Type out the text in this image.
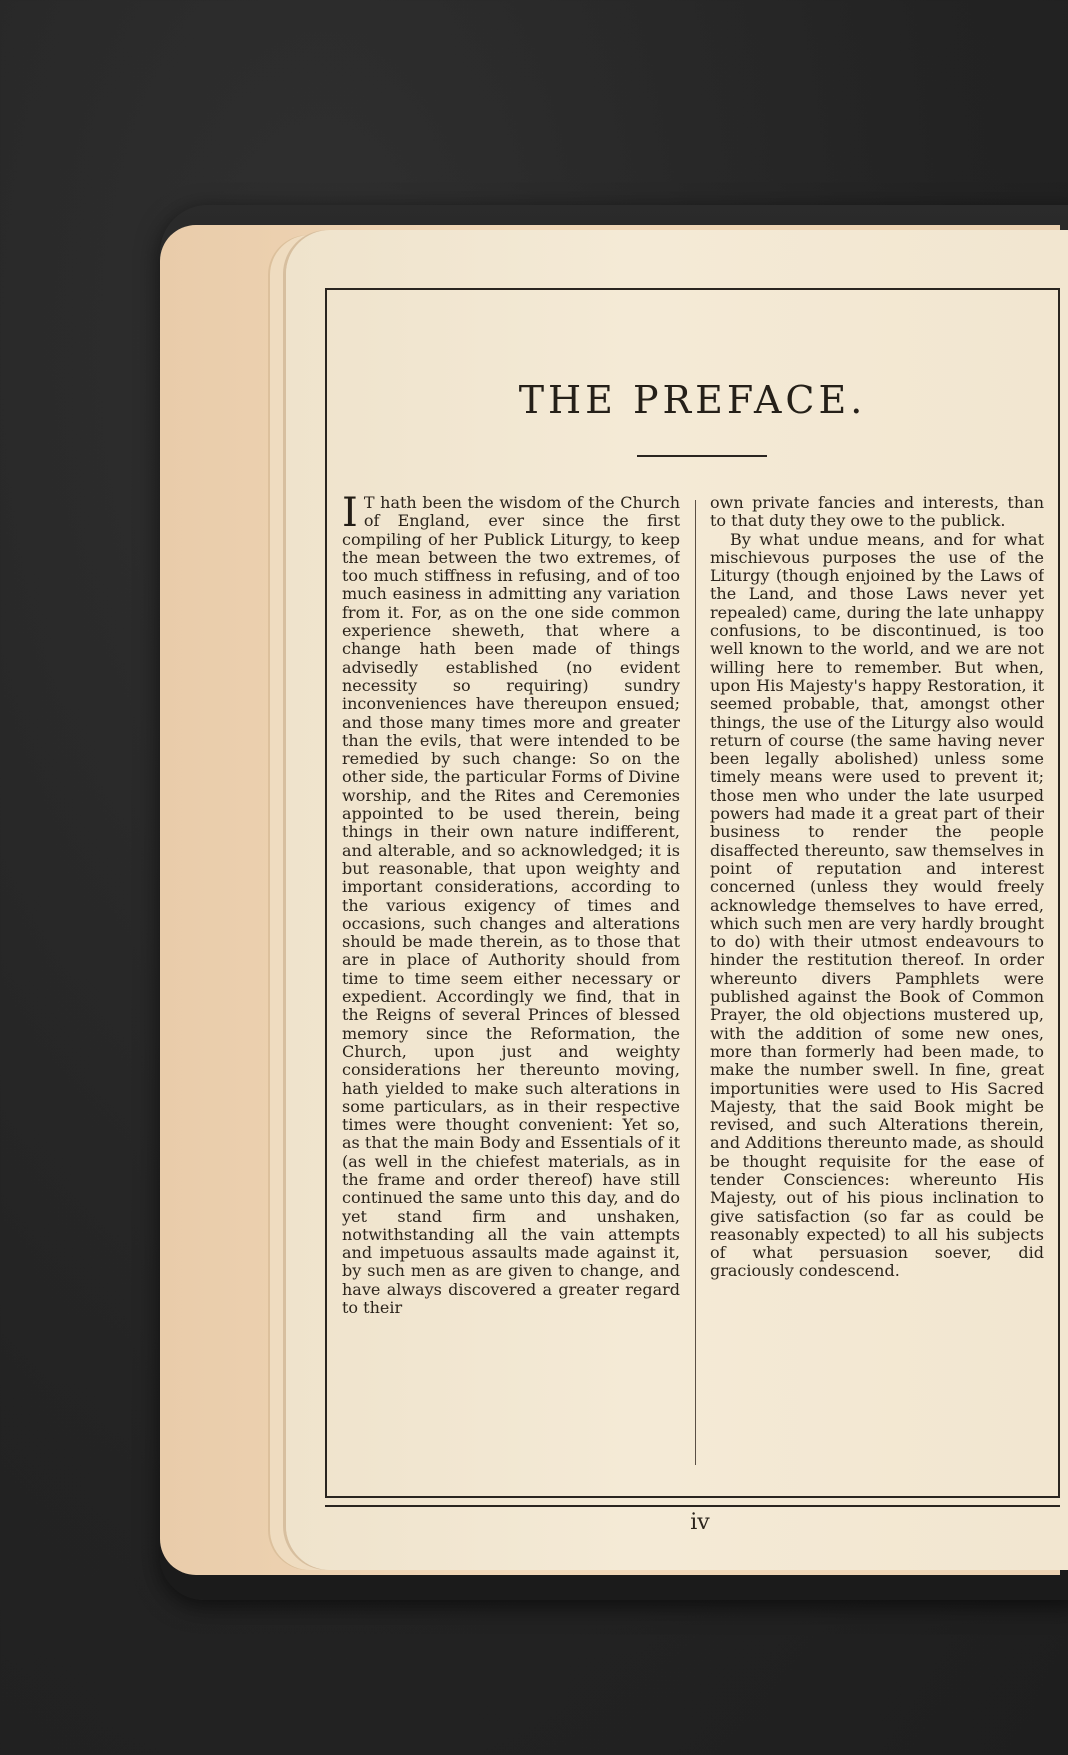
THE PREFACE.

I T hath been the wisdom of the Church of England, ever since the first compiling of her Publick Liturgy, to keep the mean between the two extremes, of too much stiffness in refusing, and of too much easiness in admitting any variation from it. For, as on the one side common experience sheweth, that where a change hath been made of things advisedly established (no evident necessity so requiring) sundry inconveniences have thereupon ensued; and those many times more and greater than the evils, that were intended to be remedied by such change: So on the other side, the particular Forms of Divine worship, and the Rites and Ceremonies appointed to be used therein, being things in their own nature indifferent, and alterable, and so acknowledged; it is but reasonable, that upon weighty and important considerations, according to the various exigency of times and occasions, such changes and alterations should be made therein, as to those that are in place of Authority should from time to time seem either necessary or expedient. Accordingly we find, that in the Reigns of several Princes of blessed memory since the Reformation, the Church, upon just and weighty considerations her thereunto moving, hath yielded to make such alterations in some particulars, as in their respective times were thought convenient: Yet so, as that the main Body and Essentials of it (as well in the chiefest materials, as in the frame and order thereof) have still continued the same unto this day, and do yet stand firm and unshaken, notwithstanding all the vain attempts and impetuous assaults made against it, by such men as are given to change, and have always discovered a greater regard to their

own private fancies and interests, than to that duty they owe to the publick.
By what undue means, and for what mischievous purposes the use of the Liturgy (though enjoined by the Laws of the Land, and those Laws never yet repealed) came, during the late unhappy confusions, to be discontinued, is too well known to the world, and we are not willing here to remember. But when, upon His Majesty's happy Restoration, it seemed probable, that, amongst other things, the use of the Liturgy also would return of course (the same having never been legally abolished) unless some timely means were used to prevent it; those men who under the late usurped powers had made it a great part of their business to render the people disaffected thereunto, saw themselves in point of reputation and interest concerned (unless they would freely acknowledge themselves to have erred, which such men are very hardly brought to do) with their utmost endeavours to hinder the restitution thereof. In order whereunto divers Pamphlets were published against the Book of Common Prayer, the old objections mustered up, with the addition of some new ones, more than formerly had been made, to make the number swell. In fine, great importunities were used to His Sacred Majesty, that the said Book might be revised, and such Alterations therein, and Additions thereunto made, as should be thought requisite for the ease of tender Consciences: whereunto His Majesty, out of his pious inclination to give satisfaction (so far as could be reasonably expected) to all his subjects of what persuasion soever, did graciously condescend.
iv
